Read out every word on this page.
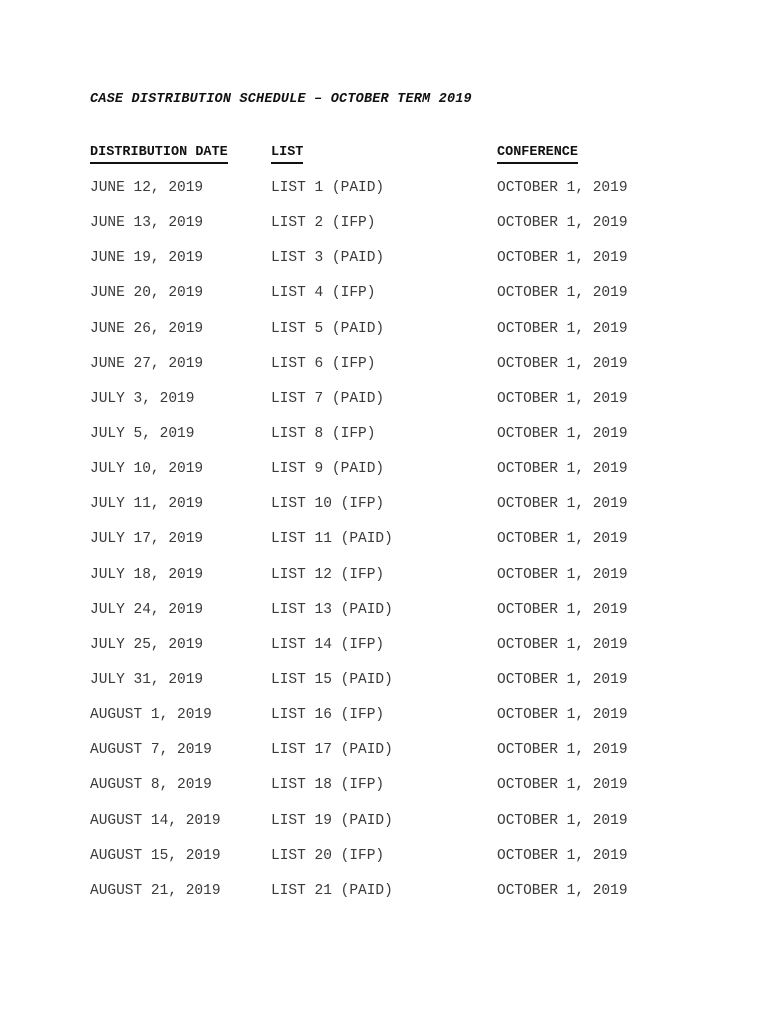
CASE DISTRIBUTION SCHEDULE – OCTOBER TERM 2019
DISTRIBUTION DATE	LIST	CONFERENCE
JUNE 12, 2019	LIST 1 (PAID)	OCTOBER 1, 2019
JUNE 13, 2019	LIST 2 (IFP)	OCTOBER 1, 2019
JUNE 19, 2019	LIST 3 (PAID)	OCTOBER 1, 2019
JUNE 20, 2019	LIST 4 (IFP)	OCTOBER 1, 2019
JUNE 26, 2019	LIST 5 (PAID)	OCTOBER 1, 2019
JUNE 27, 2019	LIST 6 (IFP)	OCTOBER 1, 2019
JULY 3, 2019	LIST 7 (PAID)	OCTOBER 1, 2019
JULY 5, 2019	LIST 8 (IFP)	OCTOBER 1, 2019
JULY 10, 2019	LIST 9 (PAID)	OCTOBER 1, 2019
JULY 11, 2019	LIST 10 (IFP)	OCTOBER 1, 2019
JULY 17, 2019	LIST 11 (PAID)	OCTOBER 1, 2019
JULY 18, 2019	LIST 12 (IFP)	OCTOBER 1, 2019
JULY 24, 2019	LIST 13 (PAID)	OCTOBER 1, 2019
JULY 25, 2019	LIST 14 (IFP)	OCTOBER 1, 2019
JULY 31, 2019	LIST 15 (PAID)	OCTOBER 1, 2019
AUGUST 1, 2019	LIST 16 (IFP)	OCTOBER 1, 2019
AUGUST 7, 2019	LIST 17 (PAID)	OCTOBER 1, 2019
AUGUST 8, 2019	LIST 18 (IFP)	OCTOBER 1, 2019
AUGUST 14, 2019	LIST 19 (PAID)	OCTOBER 1, 2019
AUGUST 15, 2019	LIST 20 (IFP)	OCTOBER 1, 2019
AUGUST 21, 2019	LIST 21 (PAID)	OCTOBER 1, 2019
